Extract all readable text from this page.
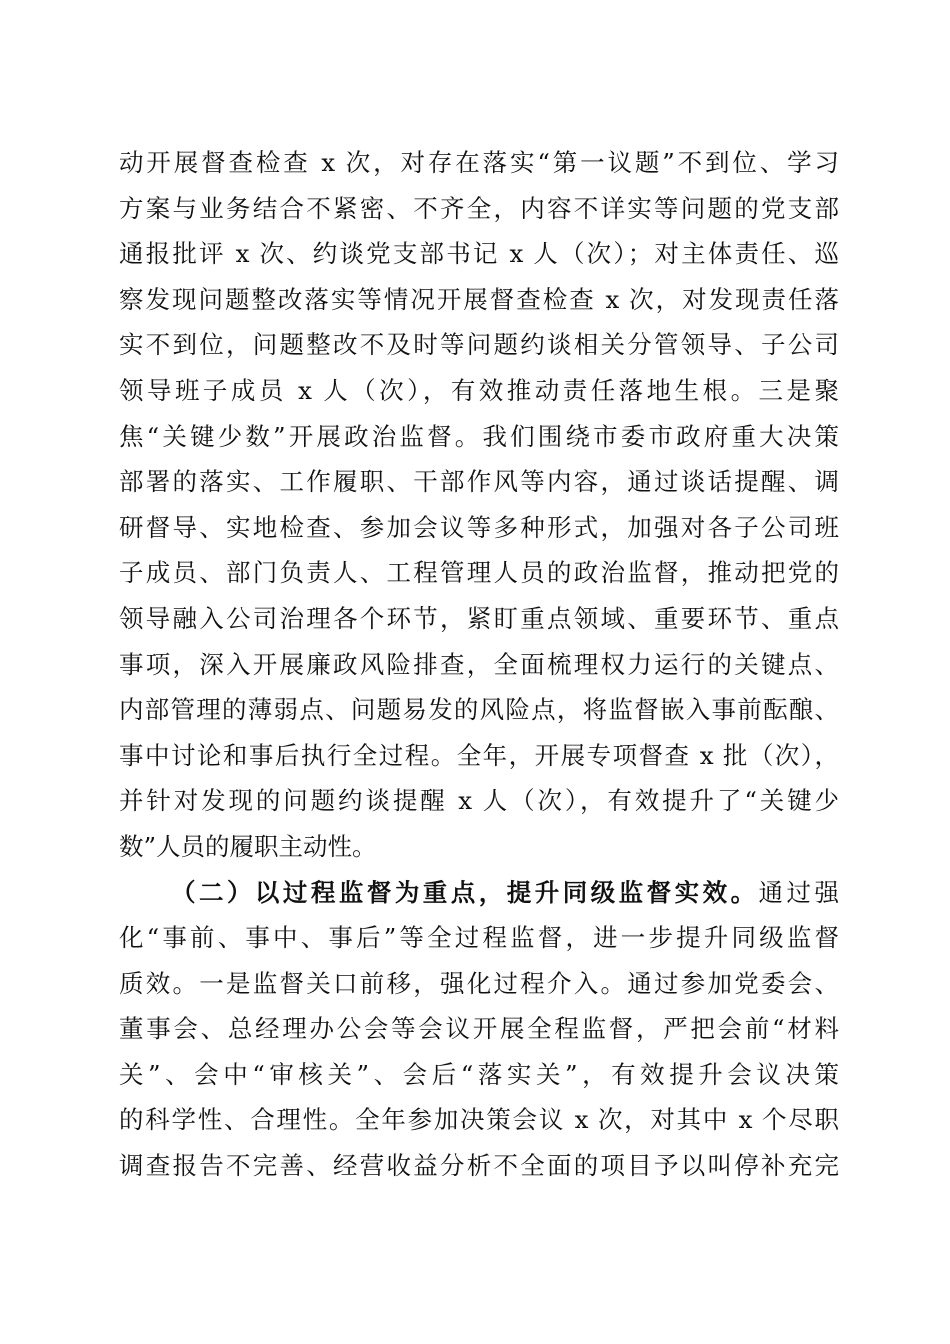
动开展督查检查 x 次，对存在落实“第一议题”不到位、学习
方案与业务结合不紧密、不齐全，内容不详实等问题的党支部
通报批评 x 次、约谈党支部书记 x 人（次）；对主体责任、巡
察发现问题整改落实等情况开展督查检查 x 次，对发现责任落
实不到位，问题整改不及时等问题约谈相关分管领导、子公司
领导班子成员 x 人（次），有效推动责任落地生根。三是聚
焦“关键少数”开展政治监督。我们围绕市委市政府重大决策
部署的落实、工作履职、干部作风等内容，通过谈话提醒、调
研督导、实地检查、参加会议等多种形式，加强对各子公司班
子成员、部门负责人、工程管理人员的政治监督，推动把党的
领导融入公司治理各个环节，紧盯重点领域、重要环节、重点
事项，深入开展廉政风险排查，全面梳理权力运行的关键点、
内部管理的薄弱点、问题易发的风险点，将监督嵌入事前酝酿、
事中讨论和事后执行全过程。全年，开展专项督查 x 批（次），
并针对发现的问题约谈提醒 x 人（次），有效提升了“关键少
数”人员的履职主动性。
（二）以过程监督为重点，提升同级监督实效。通过强
化“事前、事中、事后”等全过程监督，进一步提升同级监督
质效。一是监督关口前移，强化过程介入。通过参加党委会、
董事会、总经理办公会等会议开展全程监督，严把会前“材料
关”、会中“审核关”、会后“落实关”，有效提升会议决策
的科学性、合理性。全年参加决策会议 x 次，对其中 x 个尽职
调查报告不完善、经营收益分析不全面的项目予以叫停补充完
